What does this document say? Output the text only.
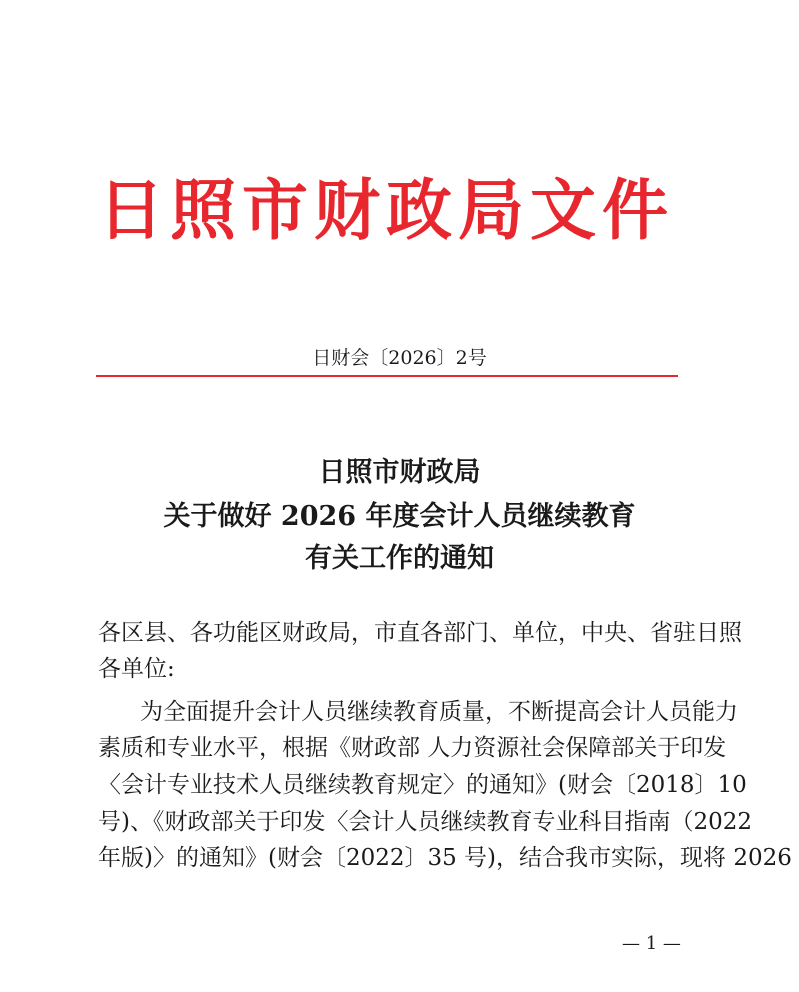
日照市财政局文件
日财会〔2026〕2号
日照市财政局
关于做好 2026 年度会计人员继续教育
有关工作的通知
各区县、各功能区财政局，市直各部门、单位，中央、省驻日照
各单位:
为全面提升会计人员继续教育质量，不断提高会计人员能力
素质和专业水平，根据《财政部 人力资源社会保障部关于印发
〈会计专业技术人员继续教育规定〉的通知》(财会〔2018〕10
号)、《财政部关于印发〈会计人员继续教育专业科目指南（2022
年版)〉的通知》(财会〔2022〕35 号)，结合我市实际，现将 2026
— 1 —
